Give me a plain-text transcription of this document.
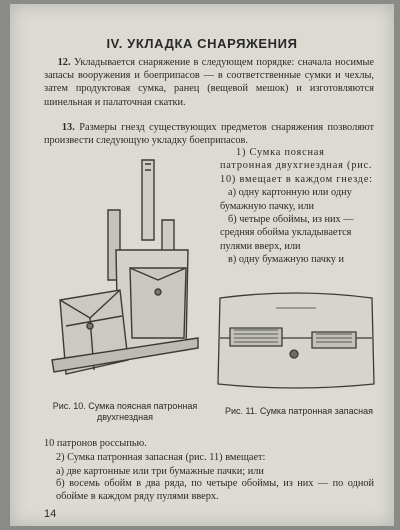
IV. УКЛАДКА СНАРЯЖЕНИЯ
12. Укладывается снаряжение в следующем порядке: сначала носимые запасы вооружения и боеприпасов — в соответственные сумки и чехлы, затем продуктовая сумка, ранец (вещевой мешок) и изготовляются шинельная и палаточная скатки.
13. Размеры гнезд существующих предметов снаряжения позволяют произвести следующую укладку боеприпасов.
1) Сумка поясная патронная двухгнездная (рис. 10) вмещает в каждом гнезде:
а) одну картонную или одну бумажную пачку, или
б) четыре обоймы, из них — средняя обойма укладывается пулями вверх, или
в) одну бумажную пачку и
Рис. 10. Сумка поясная патронная двухгнездная
Рис. 11. Сумка патронная запасная
10 патронов россыпью.
2) Сумка патронная запасная (рис. 11) вмещает:
а) две картонные или три бумажные пачки; или
б) восемь обойм в два ряда, по четыре обоймы, из них — по одной обойме в каждом ряду пулями вверх.
14
